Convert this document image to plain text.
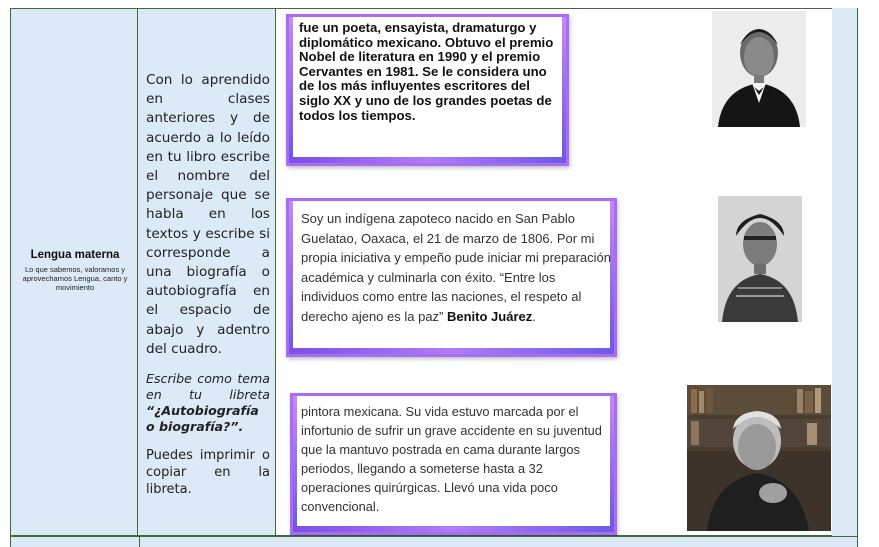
Lengua materna
Lo que sabemos, valoramos y aprovechamos Lengua, canto y movimiento

Con lo aprendido en clases anteriores y de acuerdo a lo leído en tu libro escribe el nombre del personaje que se habla en los textos y escribe si corresponde a una biografía o autobiografía en el espacio de abajo y adentro del cuadro.

Escribe como tema en tu libreta “¿Autobiografía o biografía?”.

Puedes imprimir o copiar en la libreta.

fue un poeta, ensayista, dramaturgo y diplomático mexicano. Obtuvo el premio Nobel de literatura en 1990 y el premio Cervantes en 1981. Se le considera uno de los más influyentes escritores del siglo XX y uno de los grandes poetas de todos los tiempos.
Soy un indígena zapoteco nacido en San Pablo Guelatao, Oaxaca, el 21 de marzo de 1806. Por mi propia iniciativa y empeño pude iniciar mi preparación académica y culminarla con éxito. “Entre los individuos como entre las naciones, el respeto al derecho ajeno es la paz” Benito Juárez.
pintora mexicana. Su vida estuvo marcada por el infortunio de sufrir un grave accidente en su juventud que la mantuvo postrada en cama durante largos periodos, llegando a someterse hasta a 32 operaciones quirúrgicas. Llevó una vida poco convencional.
